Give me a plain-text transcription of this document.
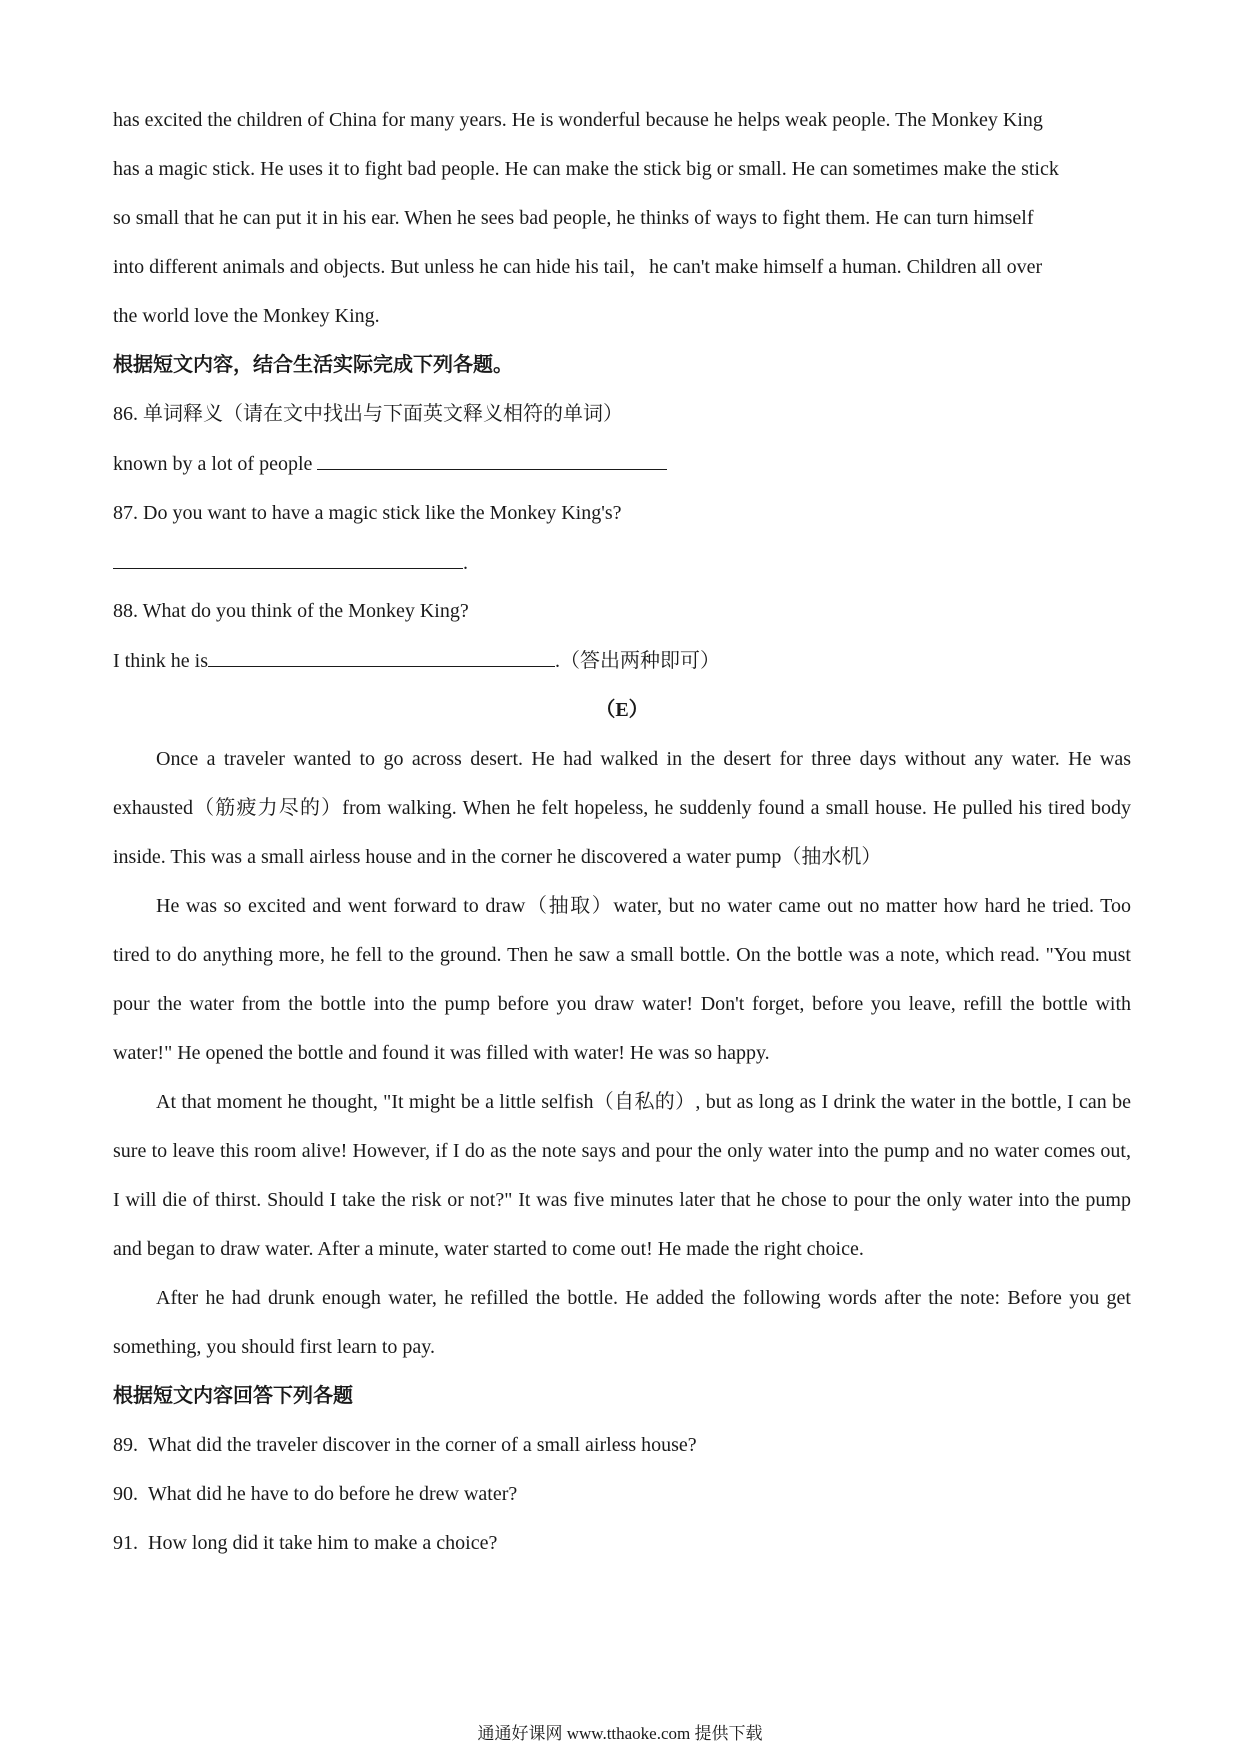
has excited the children of China for many years. He is wonderful because he helps weak people. The Monkey King

has a magic stick. He uses it to fight bad people. He can make the stick big or small. He can sometimes make the stick

so small that he can put it in his ear. When he sees bad people, he thinks of ways to fight them. He can turn himself

into different animals and objects. But unless he can hide his tail，he can't make himself a human. Children all over

the world love the Monkey King.

根据短文内容，结合生活实际完成下列各题。

86. 单词释义（请在文中找出与下面英文释义相符的单词）

known by a lot of people

87. Do you want to have a magic stick like the Monkey King's?

.

88. What do you think of the Monkey King?

I think he is	.（答出两种即可）

（E）

Once a traveler wanted to go across desert. He had walked in the desert for three days without any water. He was exhausted（筋疲力尽的）from walking. When he felt hopeless, he suddenly found a small house. He pulled his tired body inside. This was a small airless house and in the corner he discovered a water pump（抽水机）

He was so excited and went forward to draw（抽取）water, but no water came out no matter how hard he tried. Too tired to do anything more, he fell to the ground. Then he saw a small bottle. On the bottle was a note, which read. "You must pour the water from the bottle into the pump before you draw water! Don't forget, before you leave, refill the bottle with water!" He opened the bottle and found it was filled with water! He was so happy.

At that moment he thought, "It might be a little selfish（自私的）, but as long as I drink the water in the bottle, I can be sure to leave this room alive! However, if I do as the note says and pour the only water into the pump and no water comes out, I will die of thirst. Should I take the risk or not?" It was five minutes later that he chose to pour the only water into the pump and began to draw water. After a minute, water started to come out! He made the right choice.

After he had drunk enough water, he refilled the bottle. He added the following words after the note: Before you get something, you should first learn to pay.

根据短文内容回答下列各题

89.  What did the traveler discover in the corner of a small airless house?

90.  What did he have to do before he drew water?

91.  How long did it take him to make a choice?

通通好课网 www.tthaoke.com 提供下载
